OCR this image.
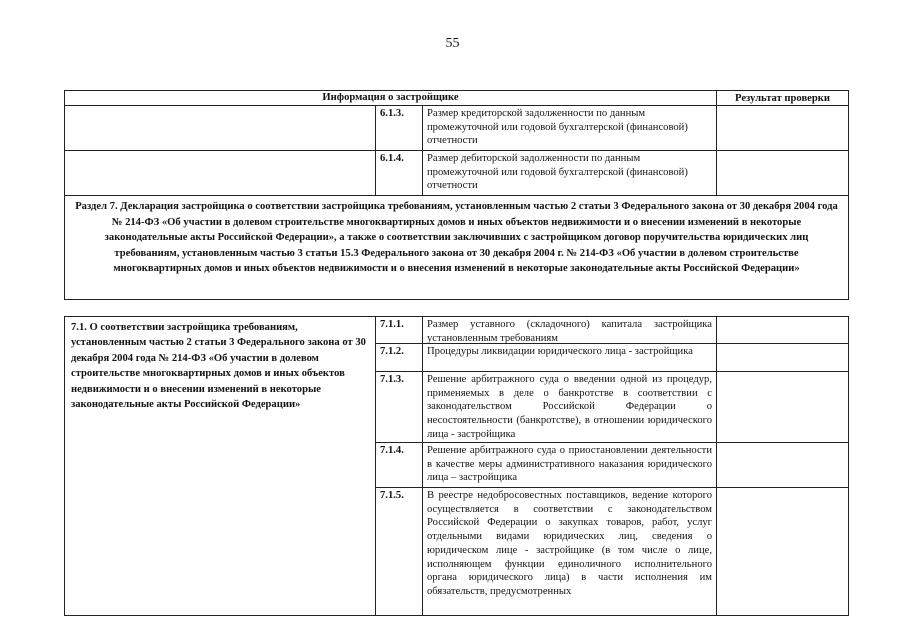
55
Информация о застройщике	Результат проверки
6.1.3.	Размер кредиторской задолженности по данным промежуточной или годовой бухгалтерской (финансовой) отчетности
6.1.4.	Размер дебиторской задолженности по данным промежуточной или годовой бухгалтерской (финансовой) отчетности
Раздел 7. Декларация застройщика о соответствии застройщика требованиям, установленным частью 2 статьи 3 Федерального закона от 30 декабря 2004 года № 214-ФЗ «Об участии в долевом строительстве многоквартирных домов и иных объектов недвижимости и о внесении изменений в некоторые законодательные акты Российской Федерации», а также о соответствии заключивших с застройщиком договор поручительства юридических лиц требованиям, установленным частью 3 статьи 15.3 Федерального закона от 30 декабря 2004 г. № 214-ФЗ «Об участии в долевом строительстве многоквартирных домов и иных объектов недвижимости и о внесения изменений в некоторые законодательные акты Российской Федерации»
7.1. О соответствии застройщика требованиям, установленным частью 2 статьи 3 Федерального закона от 30 декабря 2004 года № 214-ФЗ «Об участии в долевом строительстве многоквартирных домов и иных объектов недвижимости и о внесении изменений в некоторые законодательные акты Российской Федерации»
7.1.1.	Размер уставного (складочного) капитала застройщика установленным требованиям
7.1.2.	Процедуры ликвидации юридического лица - застройщика
7.1.3.	Решение арбитражного суда о введении одной из процедур, применяемых в деле о банкротстве в соответствии с законодательством Российской Федерации о несостоятельности (банкротстве), в отношении юридического лица - застройщика
7.1.4.	Решение арбитражного суда о приостановлении деятельности в качестве меры административного наказания юридического лица – застройщика
7.1.5.	В реестре недобросовестных поставщиков, ведение которого осуществляется в соответствии с законодательством Российской Федерации о закупках товаров, работ, услуг отдельными видами юридических лиц, сведения о юридическом лице - застройщике (в том числе о лице, исполняющем функции единоличного исполнительного органа юридического лица) в части исполнения им обязательств, предусмотренных
